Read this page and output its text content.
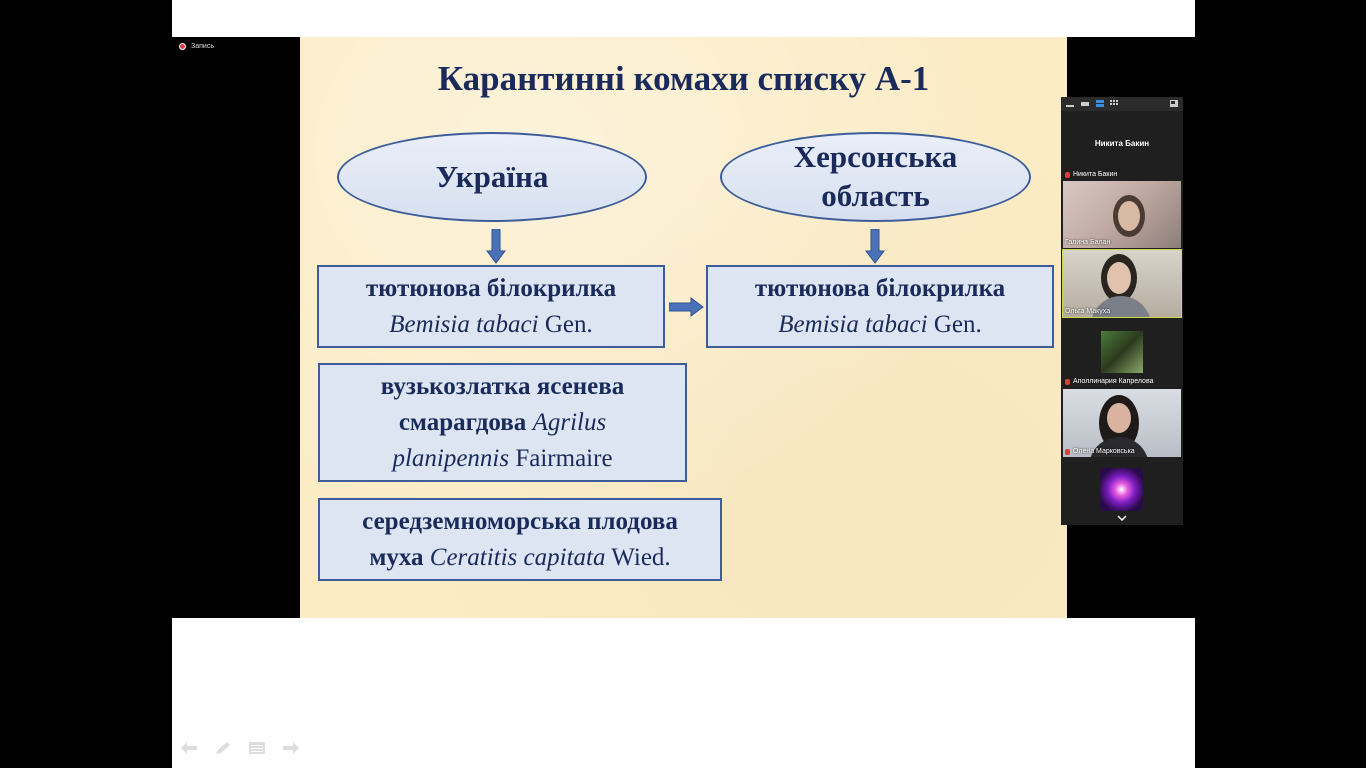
Запись
Карантинні комахи списку А-1
Україна
Херсонська
область
тютюнова білокрилка
Bemisia tabaci Gen.
тютюнова білокрилка
Bemisia tabaci Gen.
вузькозлатка ясенева
смарагдова Agrilus
planipennis Fairmaire
середземноморська плодова
муха Ceratitis capitata Wied.
Никита Бакин
Никита Бакин
Галина Балан
Ольга Макуха
Аполлинария Капрелова
Олена Марковська
